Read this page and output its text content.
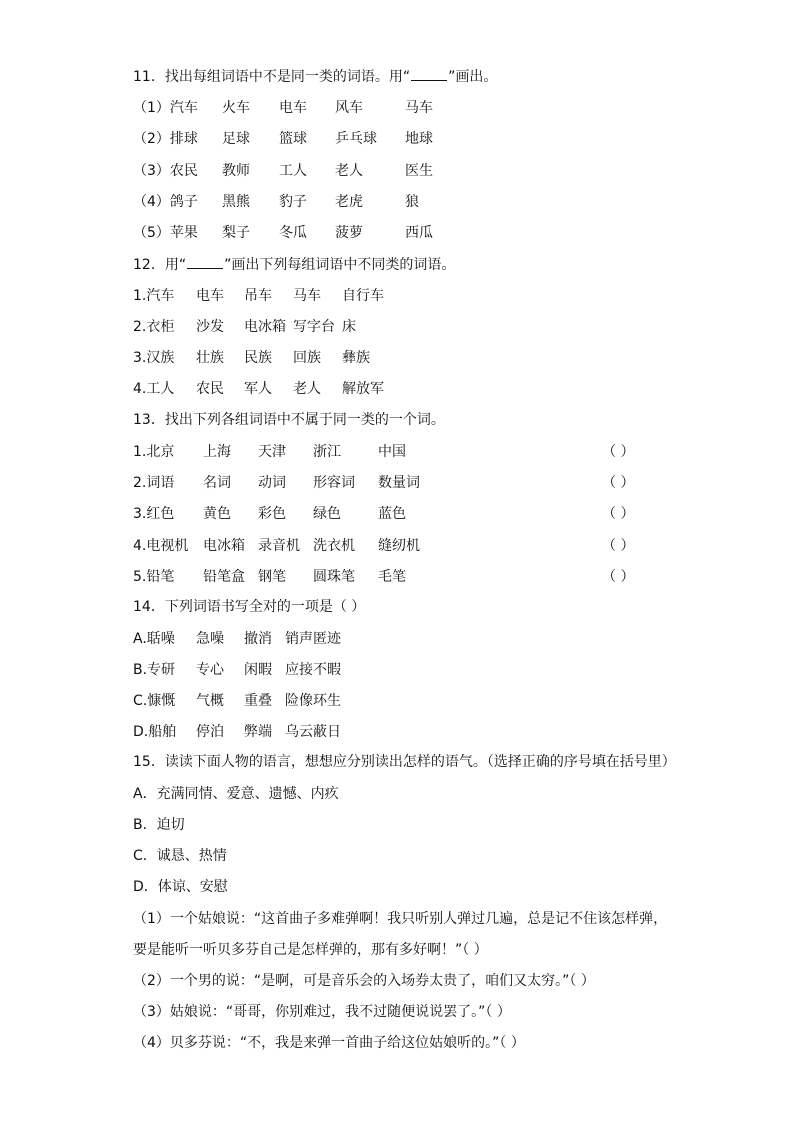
11．找出每组词语中不是同一类的词语。用“	”画出。
（1）汽车 火车 电车 风车	马车
（2）排球 足球 篮球 乒乓球 地球
（3）农民 教师 工人 老人	医生
（4）鸽子 黑熊 豹子 老虎	狼
（5）苹果 梨子 冬瓜 菠萝	西瓜
12．用“	”画出下列每组词语中不同类的词语。
1.汽车 电车 吊车 马车 自行车
2.衣柜 沙发 电冰箱 写字台 床
3.汉族 壮族 民族 回族 彝族
4.工人 农民 军人 老人 解放军
13．找出下列各组词语中不属于同一类的一个词。
1.北京 上海 天津 浙江	中国	（ ）
2.词语 名词 动词 形容词 数量词	（ ）
3.红色 黄色 彩色 绿色	蓝色	（ ）
4.电视机 电冰箱 录音机 洗衣机 缝纫机	（ ）
5.铅笔 铅笔盒 钢笔 圆珠笔 毛笔	（ ）
14．下列词语书写全对的一项是（ ）
A.聒噪 急噪 撤消 销声匿迹
B.专研 专心 闲暇 应接不暇
C.慷慨 气概 重叠 险像环生
D.船舶 停泊 弊端 乌云蔽日
15．读读下面人物的语言，想想应分别读出怎样的语气。（选择正确的序号填在括号里）
A．充满同情、爱意、遗憾、内疚
B．迫切
C．诚恳、热情
D．体谅、安慰
（1）一个姑娘说：“这首曲子多难弹啊！我只听别人弹过几遍，总是记不住该怎样弹，
要是能听一听贝多芬自己是怎样弹的，那有多好啊！”（ ）
（2）一个男的说：“是啊，可是音乐会的入场券太贵了，咱们又太穷。”（ ）
（3）姑娘说：“哥哥，你别难过，我不过随便说说罢了。”（ ）
（4）贝多芬说：“不，我是来弹一首曲子给这位姑娘听的。”（ ）
